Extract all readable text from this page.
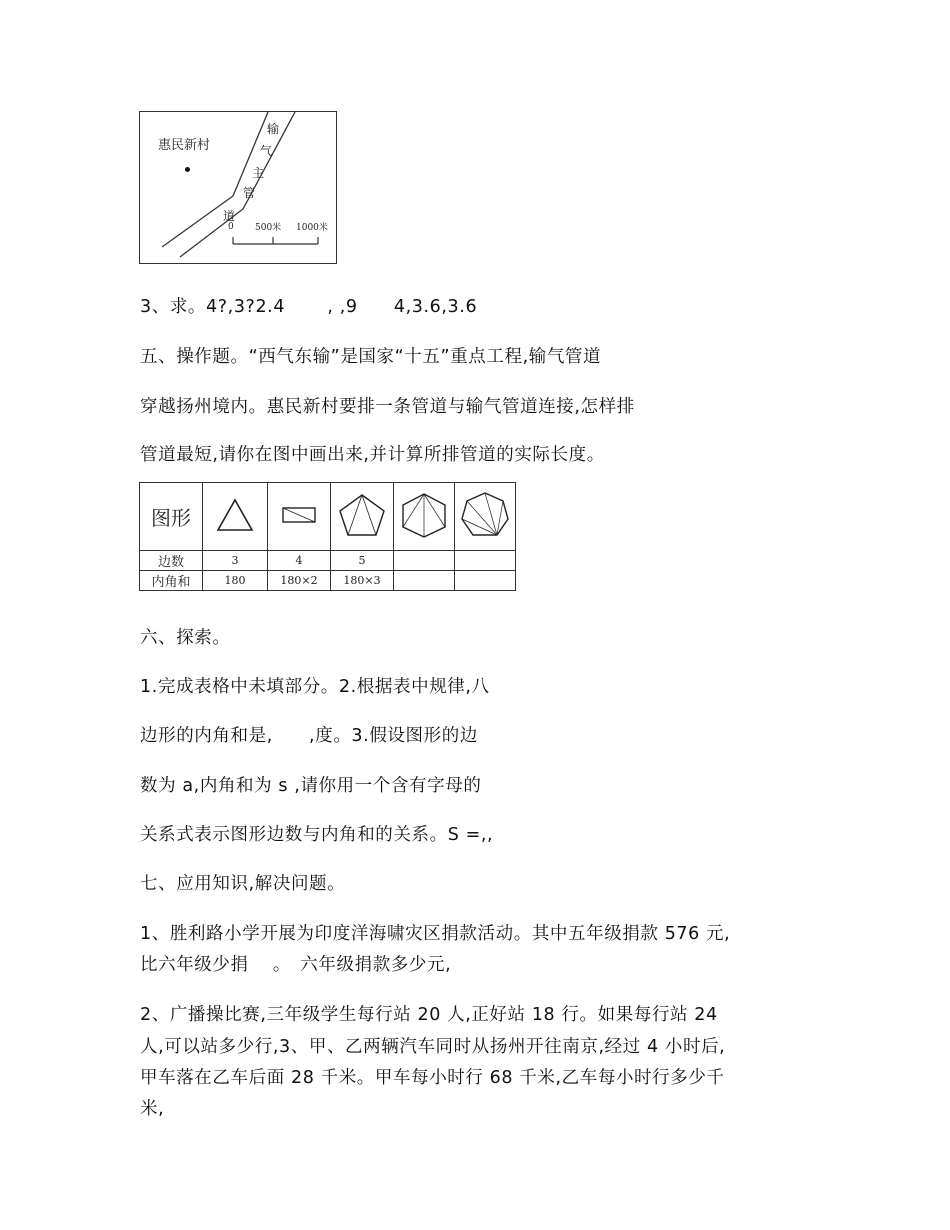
惠民新村
输
气
主
管
道
0 500米 1000米
3、求。4?,3?2.4　　 , ,9　　4,3.6,3.6
五、操作题。“西气东输”是国家“十五”重点工程,输气管道
穿越扬州境内。惠民新村要排一条管道与输气管道连接,怎样排
管道最短,请你在图中画出来,并计算所排管道的实际长度。
图形					
边数	3	4	5		
内角和	180	180×2	180×3		
六、探索。
1.完成表格中未填部分。2.根据表中规律,八
边形的内角和是,　　,度。3.假设图形的边
数为 a,内角和为 s ,请你用一个含有字母的
关系式表示图形边数与内角和的关系。S =,,
七、应用知识,解决问题。
1、胜利路小学开展为印度洋海啸灾区捐款活动。其中五年级捐款 576 元,
比六年级少捐　 。　六年级捐款多少元,
2、广播操比赛,三年级学生每行站 20 人,正好站 18 行。如果每行站 24
人,可以站多少行,3、甲、乙两辆汽车同时从扬州开往南京,经过 4 小时后,
甲车落在乙车后面 28 千米。甲车每小时行 68 千米,乙车每小时行多少千
米,
